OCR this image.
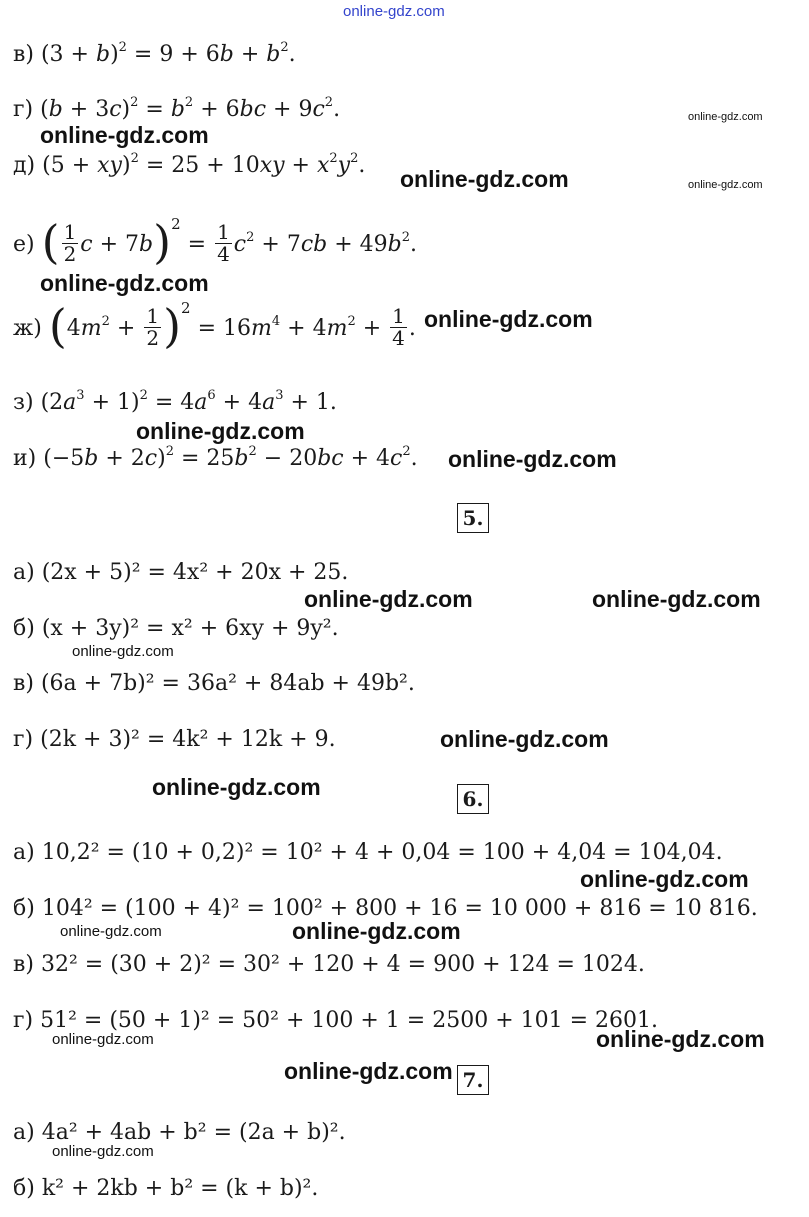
online-gdz.com
в) $(3 + b)^2 = 9 + 6b + b^2$.
г) $(b + 3c)^2 = b^2 + 6bc + 9c^2$.
д) $(5 + xy)^2 = 25 + 10xy + x^2y^2$.
е) ( $\frac{1}{2}$ $c + 7b)^2 = \frac{1}{4} c^2 + 7cb + 49b^2$.
ж) $(4m^2 + \frac{1}{2} )^2 = 16m^4 + 4m^2 + \frac{1}{4}$ .
з) $(2a^3 + 1)^2 = 4a^6 + 4a^3 + 1$.
и) $(-5b + 2c)^2 = 25b^2 - 20bc + 4c^2$.
5.
а) (2x + 5)² = 4x² + 20x + 25.
б) (x + 3y)² = x² + 6xy + 9y².
в) (6a + 7b)² = 36a² + 84ab + 49b².
г) (2k + 3)² = 4k² + 12k + 9.
6.
а) 10,2² = (10 + 0,2)² = 10² + 4 + 0,04 = 100 + 4,04 = 104,04.
б) 104² = (100 + 4)² = 100² + 800 + 16 = 10 000 + 816 = 10 816.
в) 32² = (30 + 2)² = 30² + 120 + 4 = 900 + 124 = 1024.
г) 51² = (50 + 1)² = 50² + 100 + 1 = 2500 + 101 = 2601.
7.
а) 4a² + 4ab + b² = (2a + b)².
б) k² + 2kb + b² = (k + b)².
online-gdz.com
online-gdz.com
online-gdz.com	online-gdz.com
online-gdz.com
online-gdz.com
online-gdz.com
online-gdz.com
online-gdz.com	online-gdz.com
online-gdz.com
online-gdz.com
online-gdz.com
online-gdz.com
online-gdz.com	online-gdz.com
online-gdz.com	online-gdz.com
online-gdz.com
online-gdz.com
